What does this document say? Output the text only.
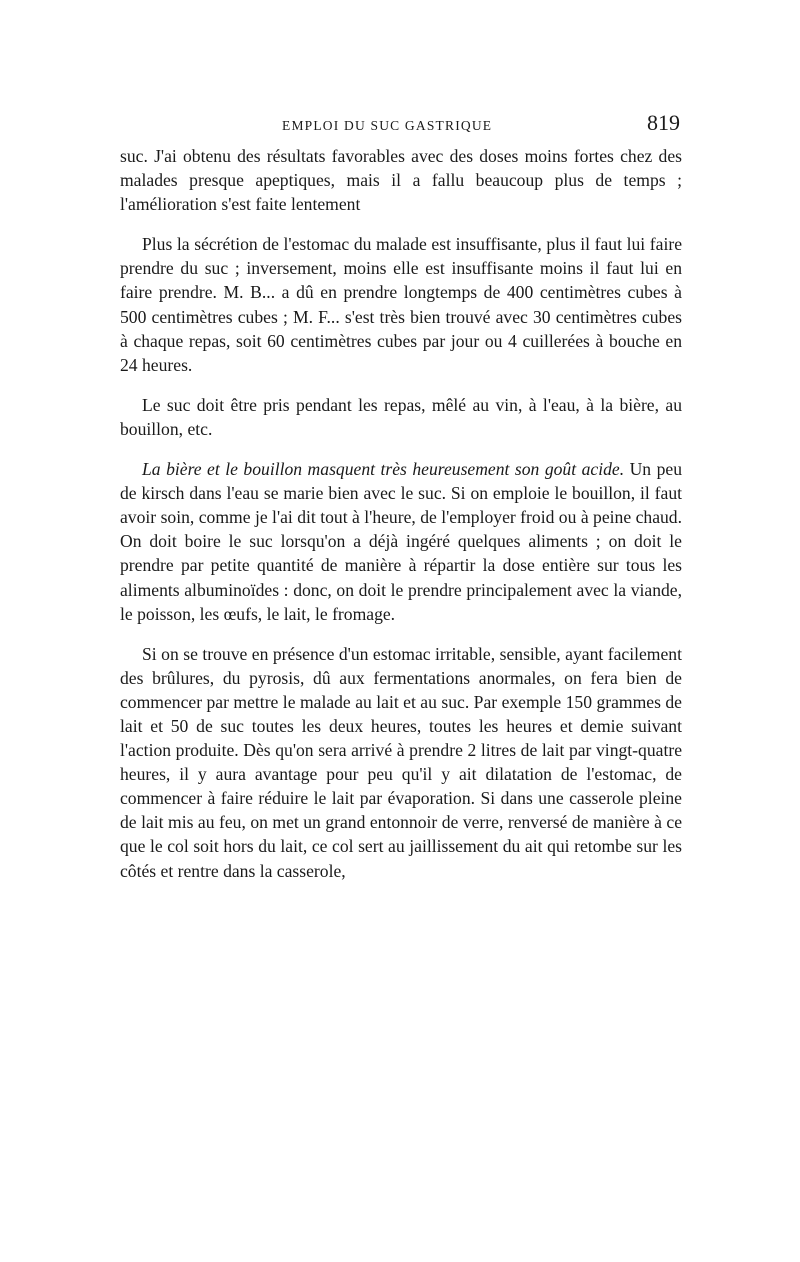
EMPLOI DU SUC GASTRIQUE	819

suc. J'ai obtenu des résultats favorables avec des doses moins fortes chez des malades presque apeptiques, mais il a fallu beaucoup plus de temps ; l'amélioration s'est faite lentement

Plus la sécrétion de l'estomac du malade est insuffisante, plus il faut lui faire prendre du suc ; inversement, moins elle est insuffisante moins il faut lui en faire prendre. M. B... a dû en prendre longtemps de 400 centimètres cubes à 500 centimètres cubes ; M. F... s'est très bien trouvé avec 30 centimètres cubes à chaque repas, soit 60 centimètres cubes par jour ou 4 cuillerées à bouche en 24 heures.

Le suc doit être pris pendant les repas, mêlé au vin, à l'eau, à la bière, au bouillon, etc.

La bière et le bouillon masquent très heureusement son goût acide. Un peu de kirsch dans l'eau se marie bien avec le suc. Si on emploie le bouillon, il faut avoir soin, comme je l'ai dit tout à l'heure, de l'employer froid ou à peine chaud. On doit boire le suc lorsqu'on a déjà ingéré quelques aliments ; on doit le prendre par petite quantité de manière à répartir la dose entière sur tous les aliments albuminoïdes : donc, on doit le prendre principalement avec la viande, le poisson, les œufs, le lait, le fromage.

Si on se trouve en présence d'un estomac irritable, sensible, ayant facilement des brûlures, du pyrosis, dû aux fermentations anormales, on fera bien de commencer par mettre le malade au lait et au suc. Par exemple 150 grammes de lait et 50 de suc toutes les deux heures, toutes les heures et demie suivant l'action produite. Dès qu'on sera arrivé à prendre 2 litres de lait par vingt-quatre heures, il y aura avantage pour peu qu'il y ait dilatation de l'estomac, de commencer à faire réduire le lait par évaporation. Si dans une casserole pleine de lait mis au feu, on met un grand entonnoir de verre, renversé de manière à ce que le col soit hors du lait, ce col sert au jaillissement du ait qui retombe sur les côtés et rentre dans la casserole,
